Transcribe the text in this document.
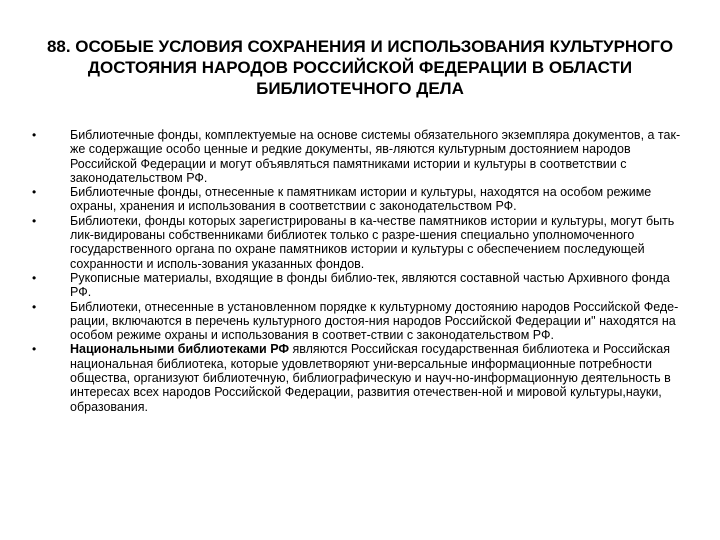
88. ОСОБЫЕ УСЛОВИЯ СОХРАНЕНИЯ И ИСПОЛЬЗОВАНИЯ КУЛЬТУРНОГО ДОСТОЯНИЯ НАРОДОВ РОССИЙСКОЙ ФЕДЕРАЦИИ В ОБЛАСТИ БИБЛИОТЕЧНОГО ДЕЛА
•	Библиотечные фонды, комплектуемые на основе системы обязательного экземпляра документов, а так-же содержащие особо ценные и редкие документы, яв-ляются культурным достоянием народов Российской Федерации и могут объявляться памятниками истории и культуры в соответствии с законодательством РФ.
•	Библиотечные фонды, отнесенные к памятникам истории и культуры, находятся на особом режиме охраны, хранения и использования в соответствии с законодательством РФ.
•	Библиотеки, фонды которых зарегистрированы в ка-честве памятников истории и культуры, могут быть лик-видированы собственниками библиотек только с разре-шения специально уполномоченного государственного органа по охране памятников истории и культуры с обеспечением последующей сохранности и исполь-зования указанных фондов.
•	Рукописные материалы, входящие в фонды библио-тек, являются составной частью Архивного фонда РФ.
•	Библиотеки, отнесенные в установленном порядке к культурному достоянию народов Российской Феде-рации, включаются в перечень культурного достоя-ния народов Российской Федерации и" находятся на особом режиме охраны и использования в соответ-ствии с законодательством РФ.
•	Национальными библиотеками РФ являются Российская государственная библиотека и Российская национальная библиотека, которые удовлетворяют уни-версальные информационные потребности общества, организуют библиотечную, библиографическую и науч-но-информационную деятельность в интересах всех народов Российской Федерации, развития отечествен-ной и мировой культуры,науки, образования.
